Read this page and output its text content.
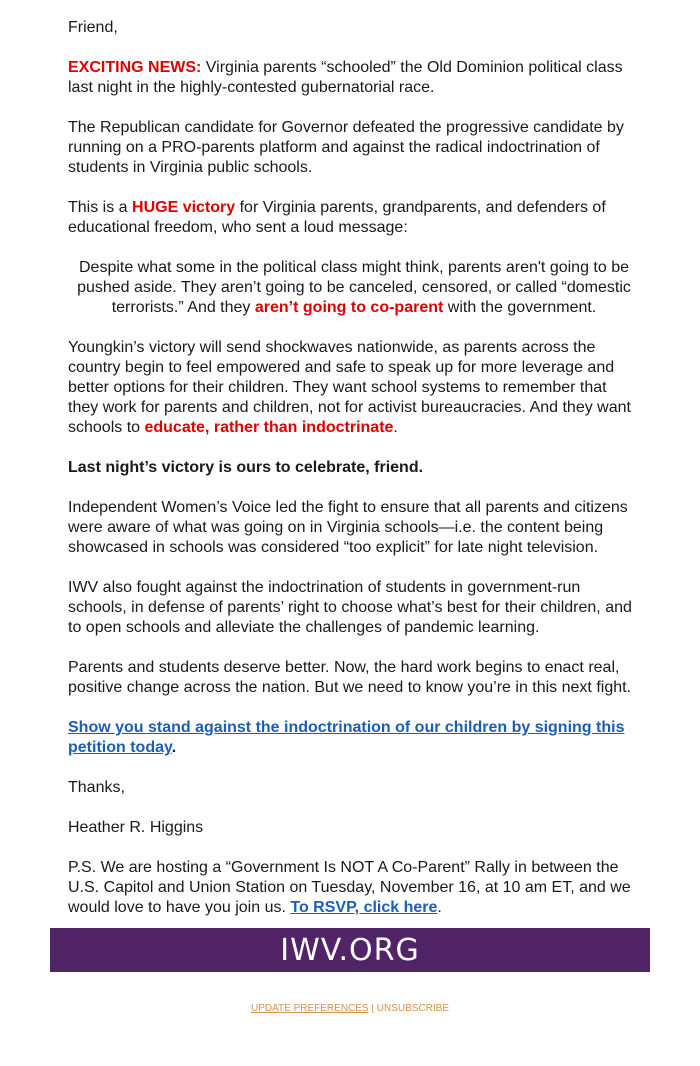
Friend,

EXCITING NEWS: Virginia parents “schooled” the Old Dominion political class last night in the highly-contested gubernatorial race.

The Republican candidate for Governor defeated the progressive candidate by running on a PRO-parents platform and against the radical indoctrination of students in Virginia public schools.

This is a HUGE victory for Virginia parents, grandparents, and defenders of educational freedom, who sent a loud message:

Despite what some in the political class might think, parents aren't going to be pushed aside. They aren’t going to be canceled, censored, or called “domestic terrorists.” And they aren’t going to co-parent with the government.

Youngkin’s victory will send shockwaves nationwide, as parents across the country begin to feel empowered and safe to speak up for more leverage and better options for their children. They want school systems to remember that they work for parents and children, not for activist bureaucracies. And they want schools to educate, rather than indoctrinate.

Last night’s victory is ours to celebrate, friend.

Independent Women’s Voice led the fight to ensure that all parents and citizens were aware of what was going on in Virginia schools—i.e. the content being showcased in schools was considered “too explicit” for late night television.

IWV also fought against the indoctrination of students in government-run schools, in defense of parents’ right to choose what’s best for their children, and to open schools and alleviate the challenges of pandemic learning.

Parents and students deserve better. Now, the hard work begins to enact real, positive change across the nation. But we need to know you’re in this next fight.

Show you stand against the indoctrination of our children by signing this petition today.

Thanks,

Heather R. Higgins

P.S. We are hosting a “Government Is NOT A Co-Parent” Rally in between the U.S. Capitol and Union Station on Tuesday, November 16, at 10 am ET, and we would love to have you join us. To RSVP, click here.

IWV.ORG
UPDATE PREFERENCES | UNSUBSCRIBE
